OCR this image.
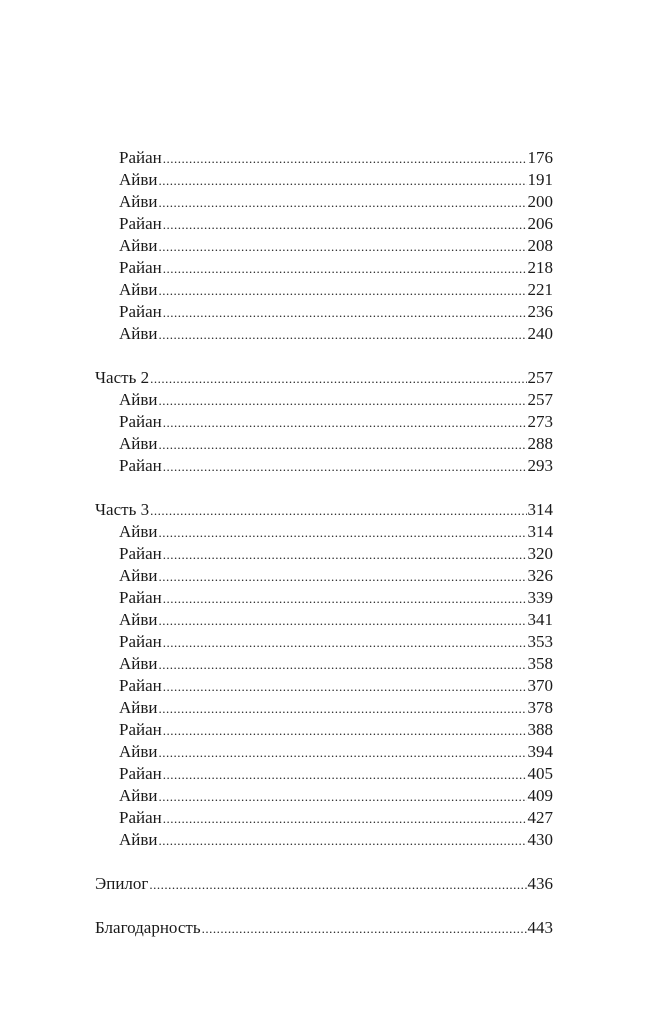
Райан .....	176
Айви .....	191
Айви .....	200
Райан .....	206
Айви .....	208
Райан .....	218
Айви .....	221
Райан .....	236
Айви .....	240
Часть 2 .....	257
Айви .....	257
Райан .....	273
Айви .....	288
Райан .....	293
Часть 3 .....	314
Айви .....	314
Райан .....	320
Айви .....	326
Райан .....	339
Айви .....	341
Райан .....	353
Айви .....	358
Райан .....	370
Айви .....	378
Райан .....	388
Айви .....	394
Райан .....	405
Айви .....	409
Райан .....	427
Айви .....	430
Эпилог .....	436
Благодарность .....	443
